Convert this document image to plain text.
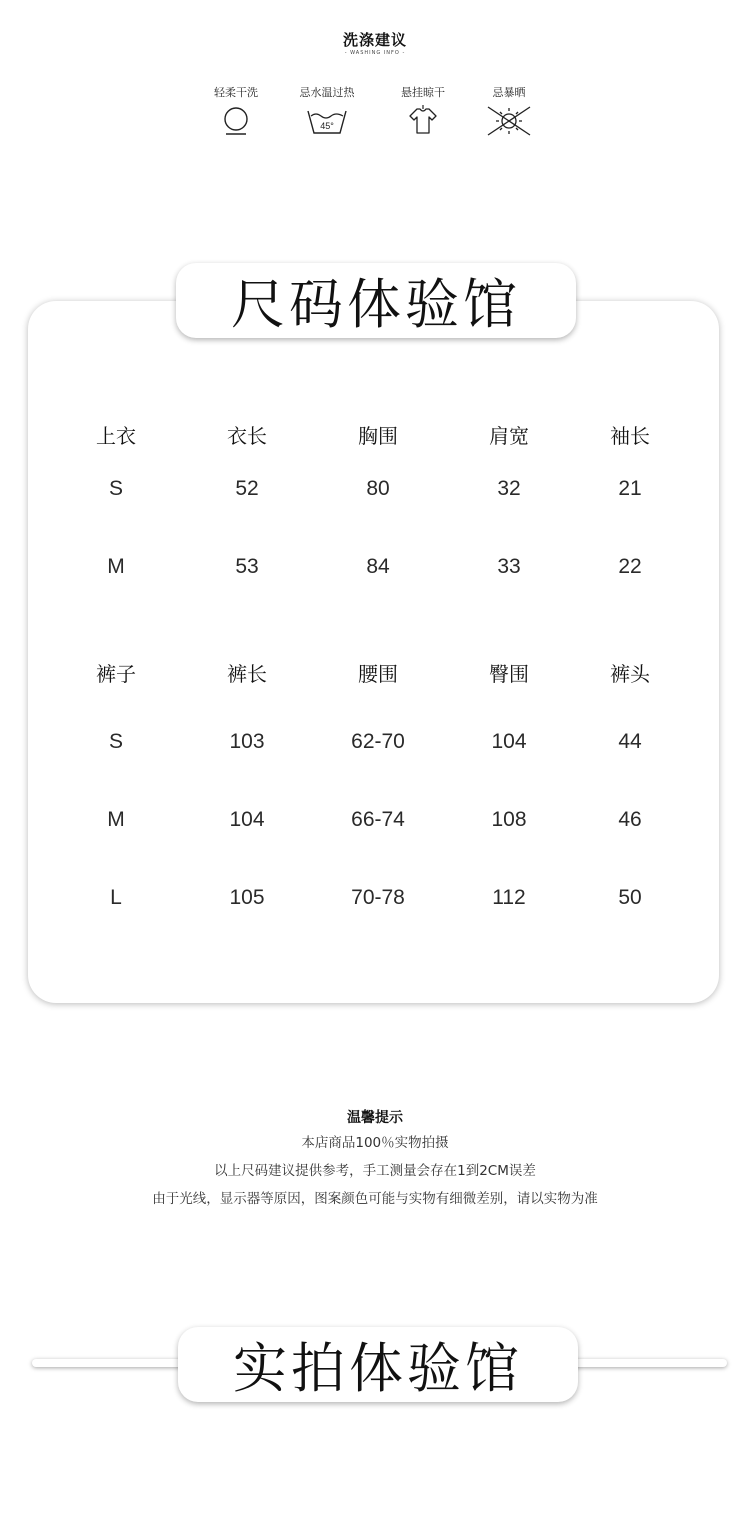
洗涤建议
- WASHING INFO -
轻柔干洗	忌水温过热
45°
悬挂晾干	忌暴晒
尺码体验馆
上衣	衣长	胸围	肩宽	袖长
S	52	80	32	21
M	53	84	33	22
裤子	裤长	腰围	臀围	裤头
S	103	62-70	104	44
M	104	66-74	108	46
L	105	70-78	112	50
温馨提示
本店商品100％实物拍摄
以上尺码建议提供参考，手工测量会存在1到2CM误差
由于光线，显示器等原因，图案颜色可能与实物有细微差别，请以实物为准
实拍体验馆
